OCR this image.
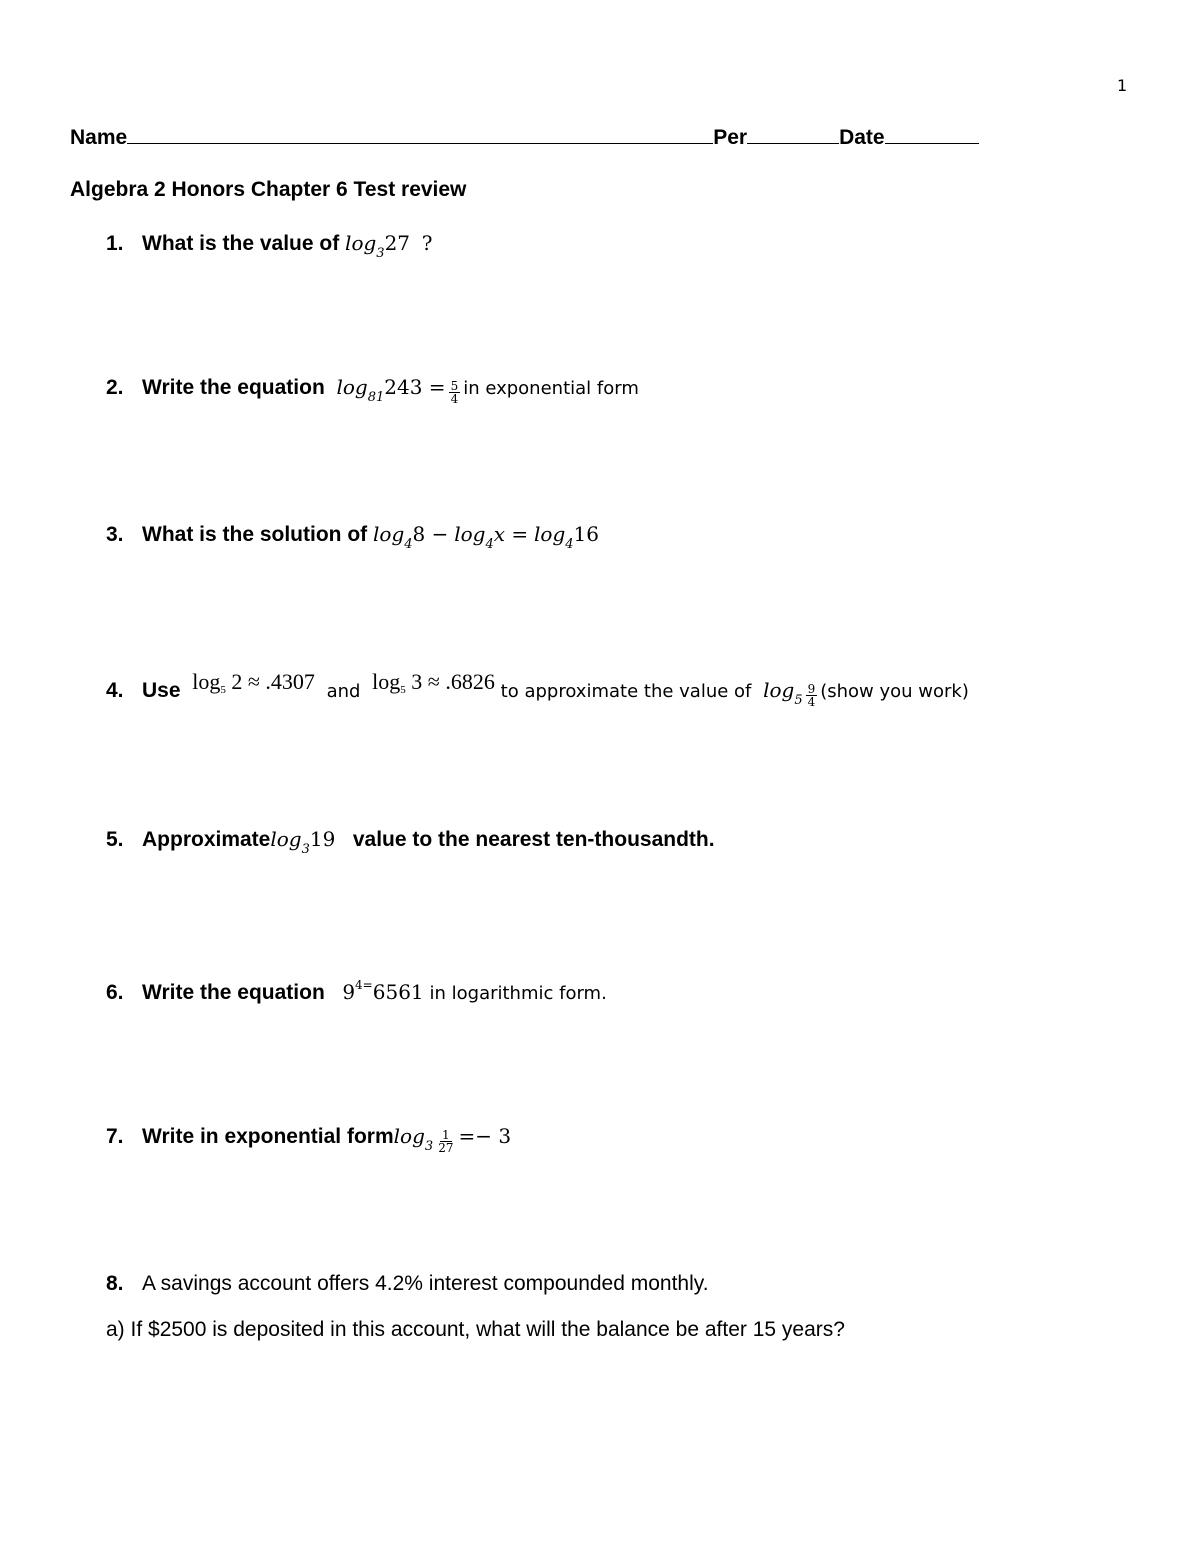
1
Name	Per	Date
Algebra 2 Honors Chapter 6 Test review
1. What is the value of
log 3 27
?
2. Write the equation
log 81 $243 = \frac{5}{4}$ in exponential form
3. What is the solution of
log 4 8 −
log 4 x =
log 4 16
4. Use
log5 2 ≈ .4307
and
log5 3 ≈ .6826
to approximate the value of
$\log 5 \frac{9}{4}$ (show you work)
5. Approximate log 3 19
value to the nearest ten-thousandth.
6. Write the equation
9 4= 6561
in logarithmic form.
7. Write in exponential form $\log 3 \frac{1}{27} =- 3$
8. A savings account offers 4.2% interest compounded monthly.
a) If $2500 is deposited in this account, what will the balance be after 15 years?
